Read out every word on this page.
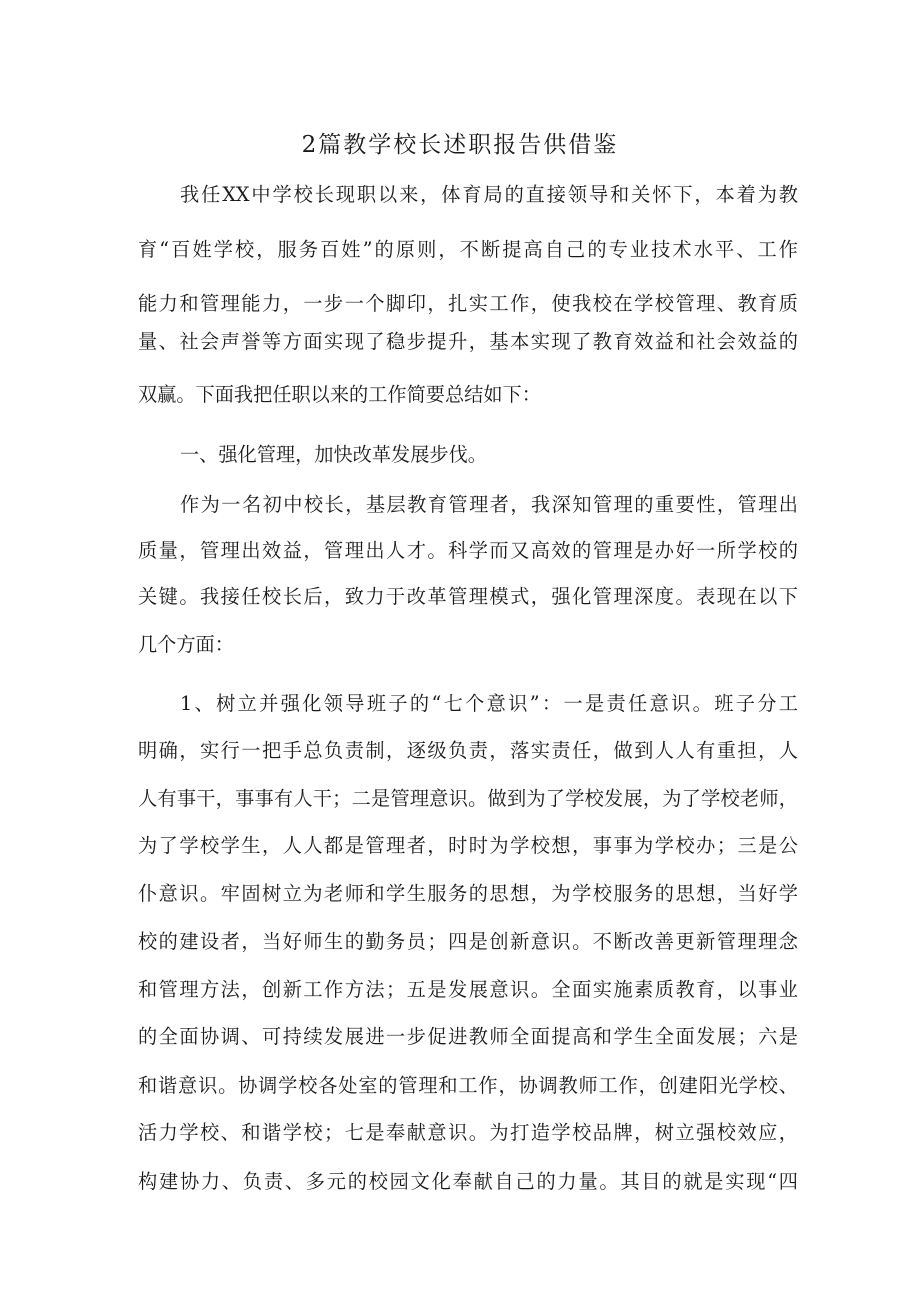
2篇教学校长述职报告供借鉴
我任XX中学校长现职以来，体育局的直接领导和关怀下，本着为教
育“百姓学校，服务百姓”的原则，不断提高自己的专业技术水平、工作
能力和管理能力，一步一个脚印，扎实工作，使我校在学校管理、教育质
量、社会声誉等方面实现了稳步提升，基本实现了教育效益和社会效益的
双赢。下面我把任职以来的工作简要总结如下：
一、强化管理，加快改革发展步伐。
作为一名初中校长，基层教育管理者，我深知管理的重要性，管理出
质量，管理出效益，管理出人才。科学而又高效的管理是办好一所学校的
关键。我接任校长后，致力于改革管理模式，强化管理深度。表现在以下
几个方面：
1、树立并强化领导班子的“七个意识”：一是责任意识。班子分工
明确，实行一把手总负责制，逐级负责，落实责任，做到人人有重担，人
人有事干，事事有人干；二是管理意识。做到为了学校发展，为了学校老师，
为了学校学生，人人都是管理者，时时为学校想，事事为学校办；三是公
仆意识。牢固树立为老师和学生服务的思想，为学校服务的思想，当好学
校的建设者，当好师生的勤务员；四是创新意识。不断改善更新管理理念
和管理方法，创新工作方法；五是发展意识。全面实施素质教育，以事业
的全面协调、可持续发展进一步促进教师全面提高和学生全面发展；六是
和谐意识。协调学校各处室的管理和工作，协调教师工作，创建阳光学校、
活力学校、和谐学校；七是奉献意识。为打造学校品牌，树立强校效应，
构建协力、负责、多元的校园文化奉献自己的力量。其目的就是实现“四
